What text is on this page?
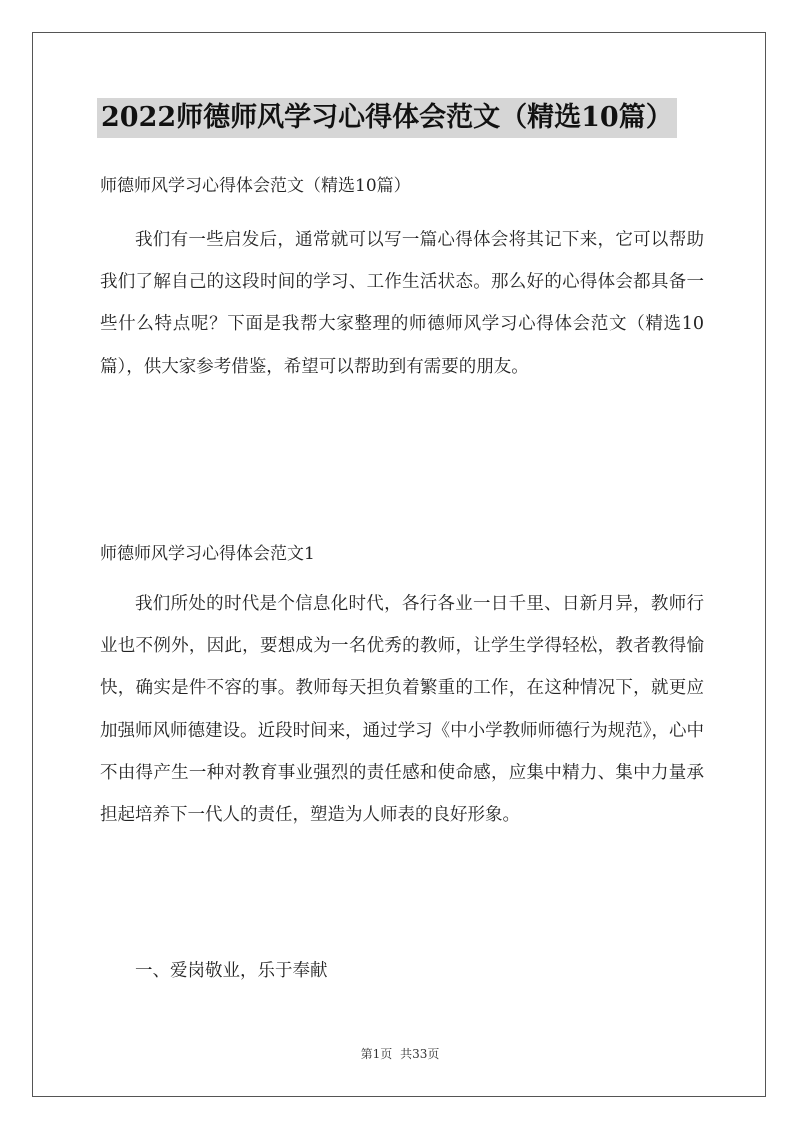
2022师德师风学习心得体会范文（精选10篇）
师德师风学习心得体会范文（精选10篇）

我们有一些启发后，通常就可以写一篇心得体会将其记下来，它可以帮助我们了解自己的这段时间的学习、工作生活状态。那么好的心得体会都具备一些什么特点呢？下面是我帮大家整理的师德师风学习心得体会范文（精选10篇），供大家参考借鉴，希望可以帮助到有需要的朋友。

师德师风学习心得体会范文1

我们所处的时代是个信息化时代，各行各业一日千里、日新月异，教师行业也不例外，因此，要想成为一名优秀的教师，让学生学得轻松，教者教得愉快，确实是件不容的事。教师每天担负着繁重的工作，在这种情况下，就更应加强师风师德建设。近段时间来，通过学习《中小学教师师德行为规范》，心中不由得产生一种对教育事业强烈的责任感和使命感，应集中精力、集中力量承担起培养下一代人的责任，塑造为人师表的良好形象。

一、爱岗敬业，乐于奉献
第1页 共33页
